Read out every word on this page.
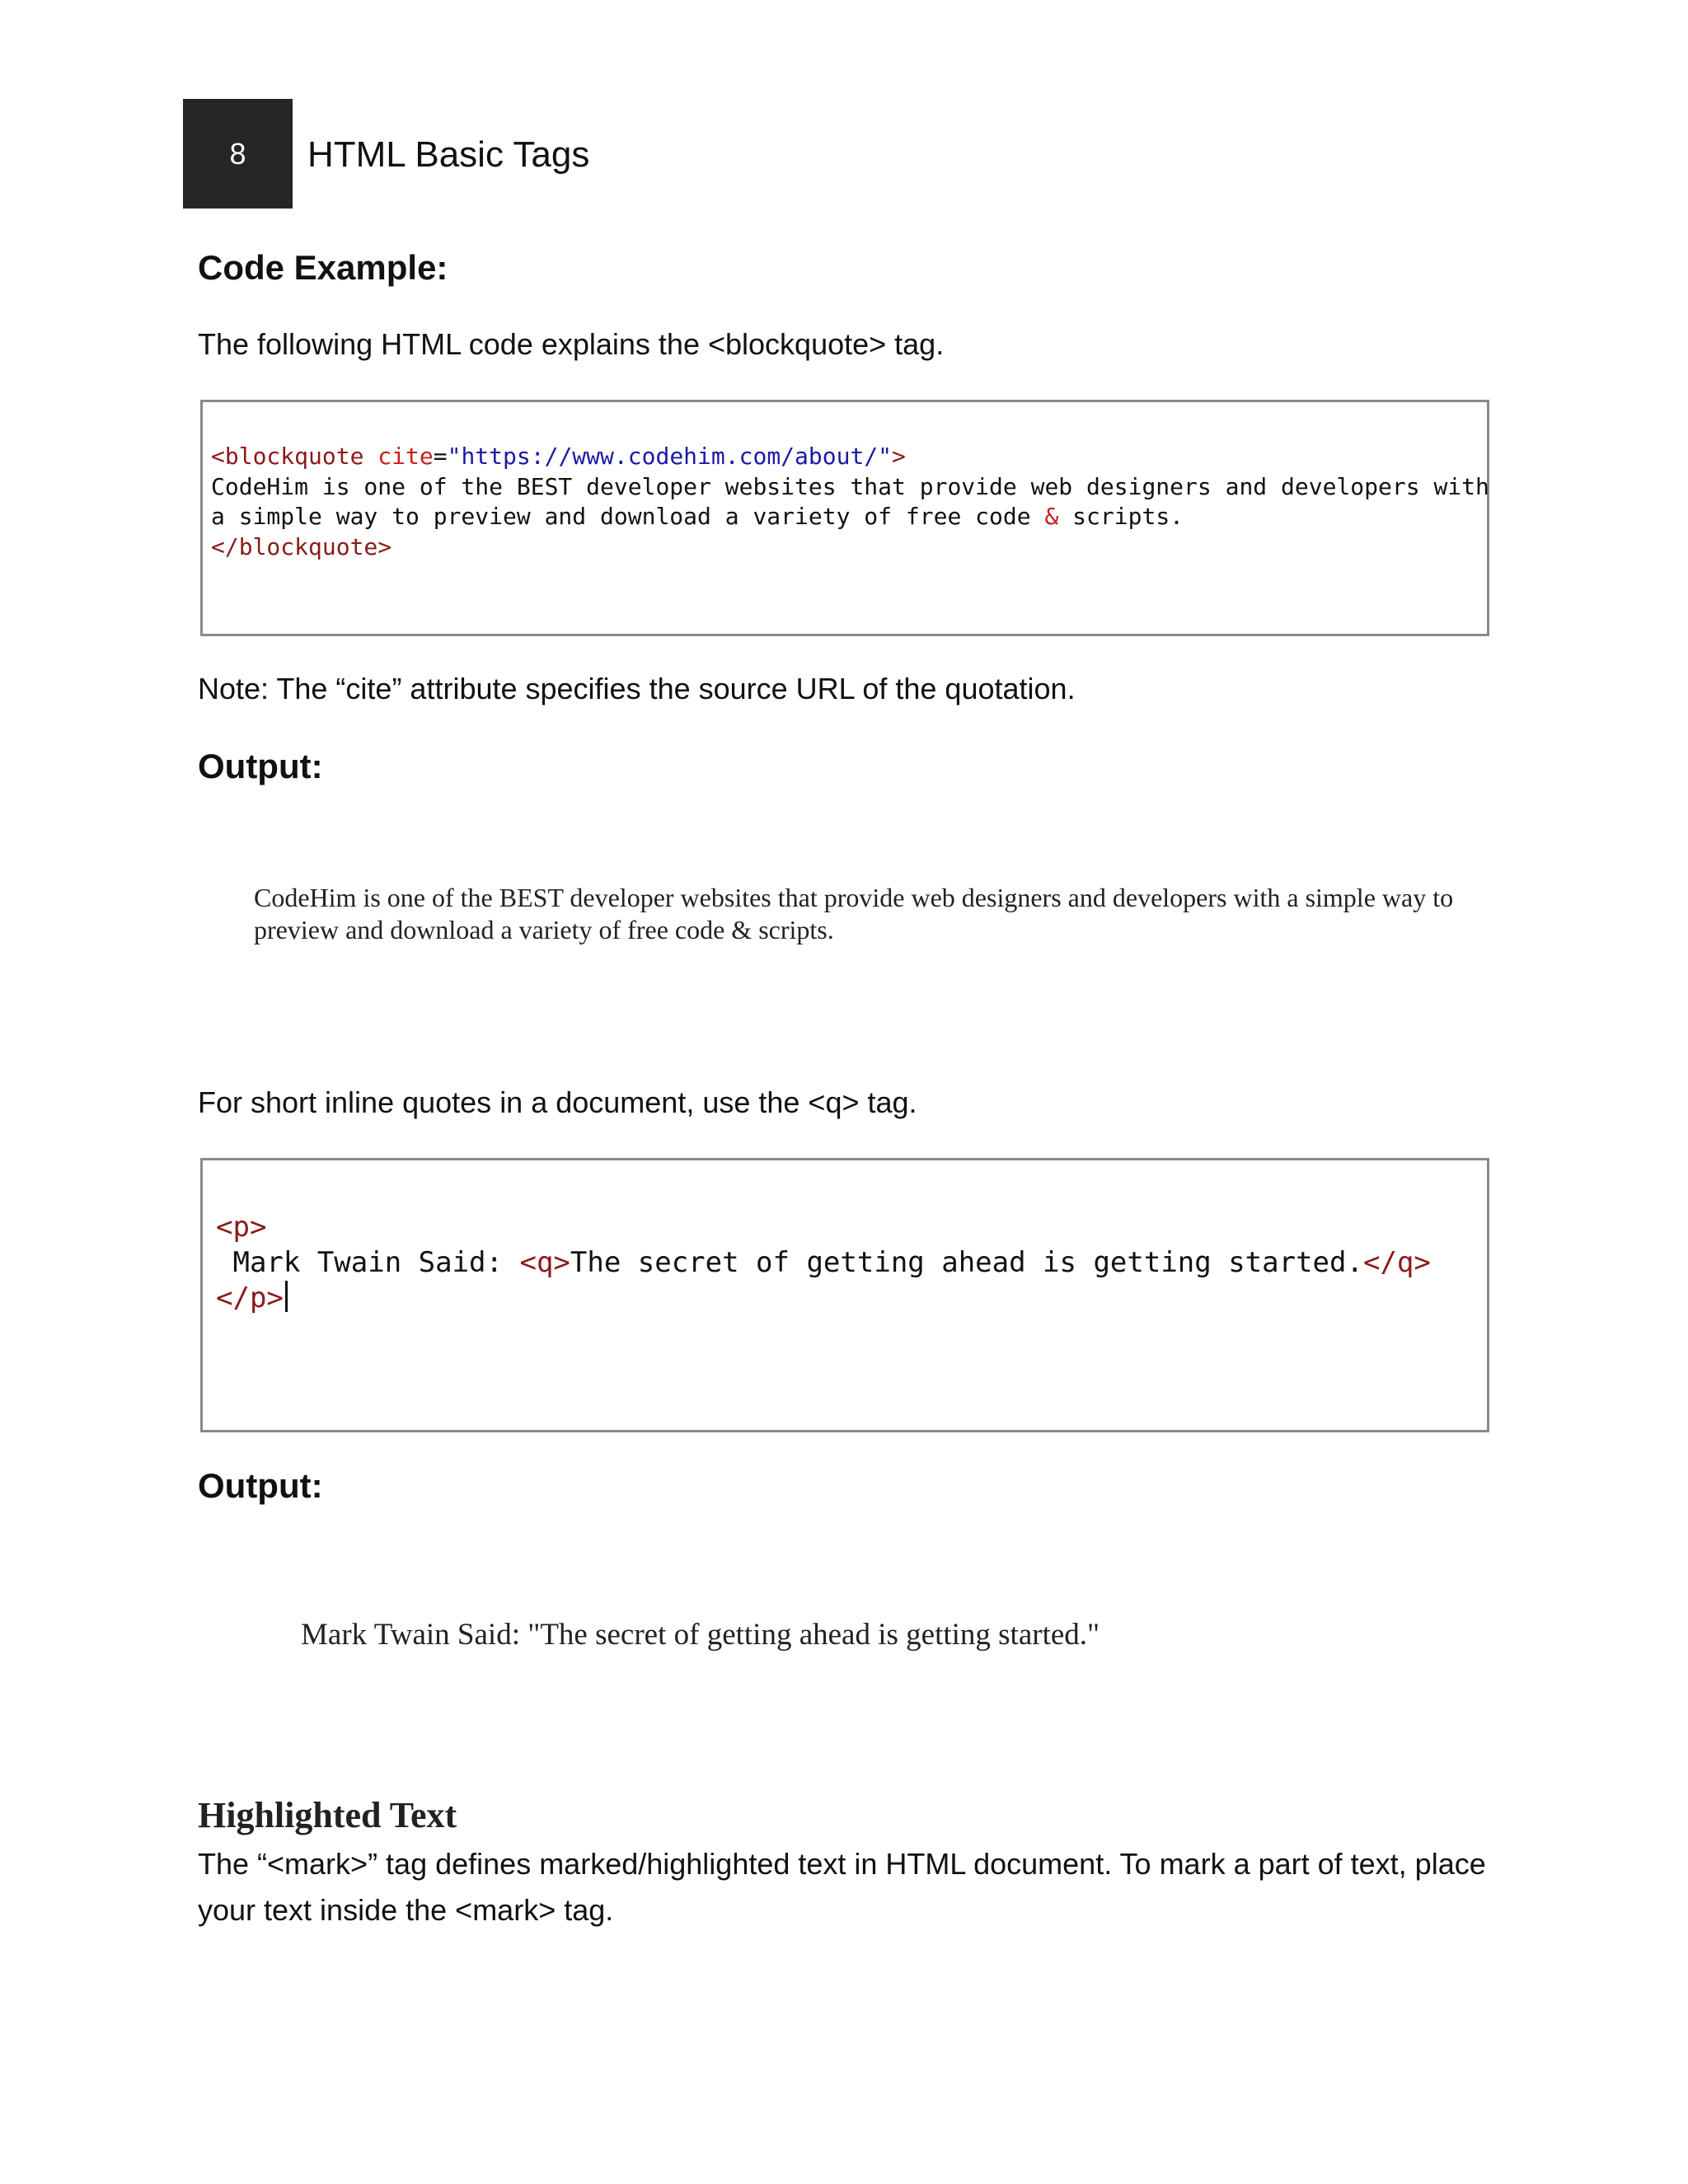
8 HTML Basic Tags
Code Example:
The following HTML code explains the <blockquote> tag.
<blockquote cite="https://www.codehim.com/about/">
CodeHim is one of the BEST developer websites that provide web designers and developers with
a simple way to preview and download a variety of free code & scripts.
</blockquote>
Note: The “cite” attribute specifies the source URL of the quotation.
Output:
CodeHim is one of the BEST developer websites that provide web designers and developers with a simple way to preview and download a variety of free code & scripts.
For short inline quotes in a document, use the <q> tag.
<p>
Mark Twain Said: <q>The secret of getting ahead is getting started.</q>
</p>
Output:
Mark Twain Said: "The secret of getting ahead is getting started."
Highlighted Text
The “<mark>” tag defines marked/highlighted text in HTML document. To mark a part of text, place your text inside the <mark> tag.
